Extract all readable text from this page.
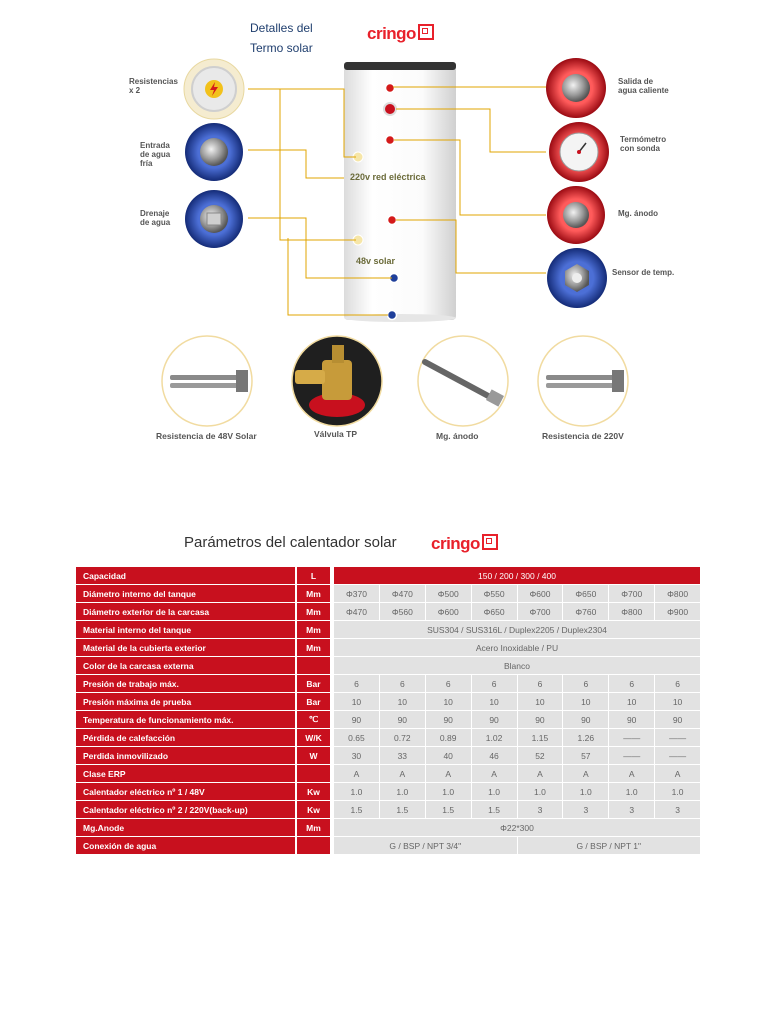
Detalles del
Termo solar
cringo
220v red eléctrica
48v solar
Resistencias
x 2
Entrada
de agua
fría
Drenaje
de agua
Salida de
agua caliente
Termómetro
con sonda
Mg. ánodo
Sensor de temp.
Resistencia de 48V Solar	Válvula TP	Mg. ánodo	Resistencia de 220V
Parámetros del calentador solar cringo
Capacidad	L		150 / 200 / 300 / 400							
Diámetro interno del tanque	Mm		Φ370	Φ470	Φ500	Φ550	Φ600	Φ650	Φ700	Φ800
Diámetro exterior de la carcasa	Mm		Φ470	Φ560	Φ600	Φ650	Φ700	Φ760	Φ800	Φ900
Material interno del tanque	Mm		SUS304 / SUS316L / Duplex2205 / Duplex2304							
Material de la cubierta exterior	Mm		Acero Inoxidable / PU							
Color de la carcasa externa			Blanco							
Presión de trabajo máx.	Bar		6	6	6	6	6	6	6	6
Presión máxima de prueba	Bar		10	10	10	10	10	10	10	10
Temperatura de funcionamiento máx.	℃		90	90	90	90	90	90	90	90
Pérdida de calefacción	W/K		0.65	0.72	0.89	1.02	1.15	1.26	——	——
Perdida inmovilizado	W		30	33	40	46	52	57	——	——
Clase ERP			A	A	A	A	A	A	A	A
Calentador eléctrico nº 1 / 48V	Kw		1.0	1.0	1.0	1.0	1.0	1.0	1.0	1.0
Calentador eléctrico nº 2 / 220V(back-up)	Kw		1.5	1.5	1.5	1.5	3	3	3	3
Mg.Anode	Mm		Φ22*300							
Conexión de agua			G / BSP / NPT 3/4"				G / BSP / NPT 1"			
